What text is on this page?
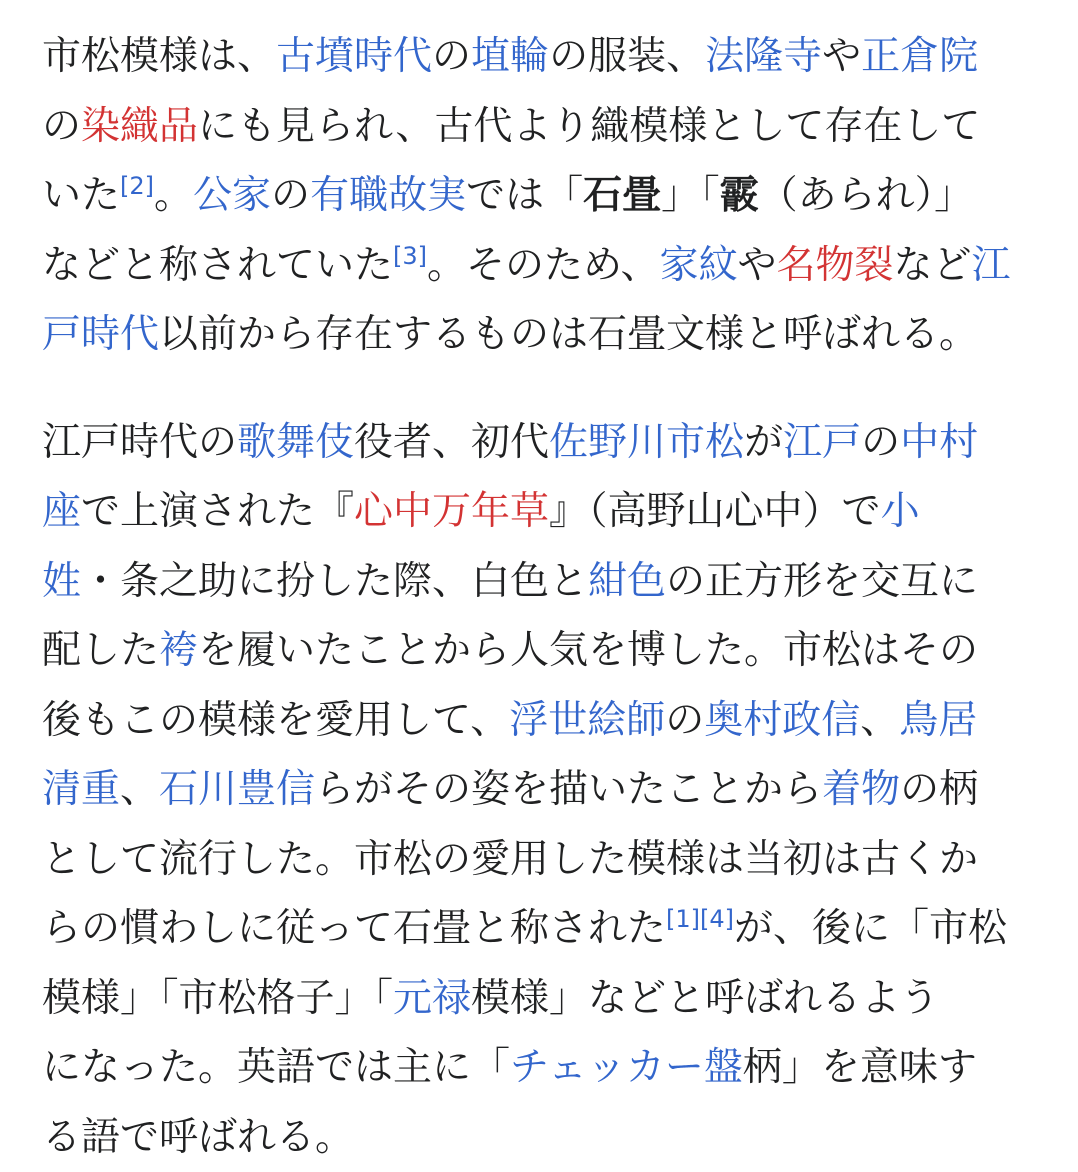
市松模様は、古墳時代の埴輪の服装、法隆寺や正倉院
の染織品にも見られ、古代より織模様として存在して
いた[2]。公家の有職故実では「石畳」「霰（あられ）」
などと称されていた[3]。そのため、家紋や名物裂など江
戸時代以前から存在するものは石畳文様と呼ばれる。

江戸時代の歌舞伎役者、初代佐野川市松が江戸の中村
座で上演された『心中万年草』（高野山心中）で小
姓・条之助に扮した際、白色と紺色の正方形を交互に
配した袴を履いたことから人気を博した。市松はその
後もこの模様を愛用して、浮世絵師の奥村政信、鳥居
清重、石川豊信らがその姿を描いたことから着物の柄
として流行した。市松の愛用した模様は当初は古くか
らの慣わしに従って石畳と称された[1][4]が、後に「市松
模様」「市松格子」「元禄模様」などと呼ばれるよう
になった。英語では主に「チェッカー盤柄」を意味す
る語で呼ばれる。
